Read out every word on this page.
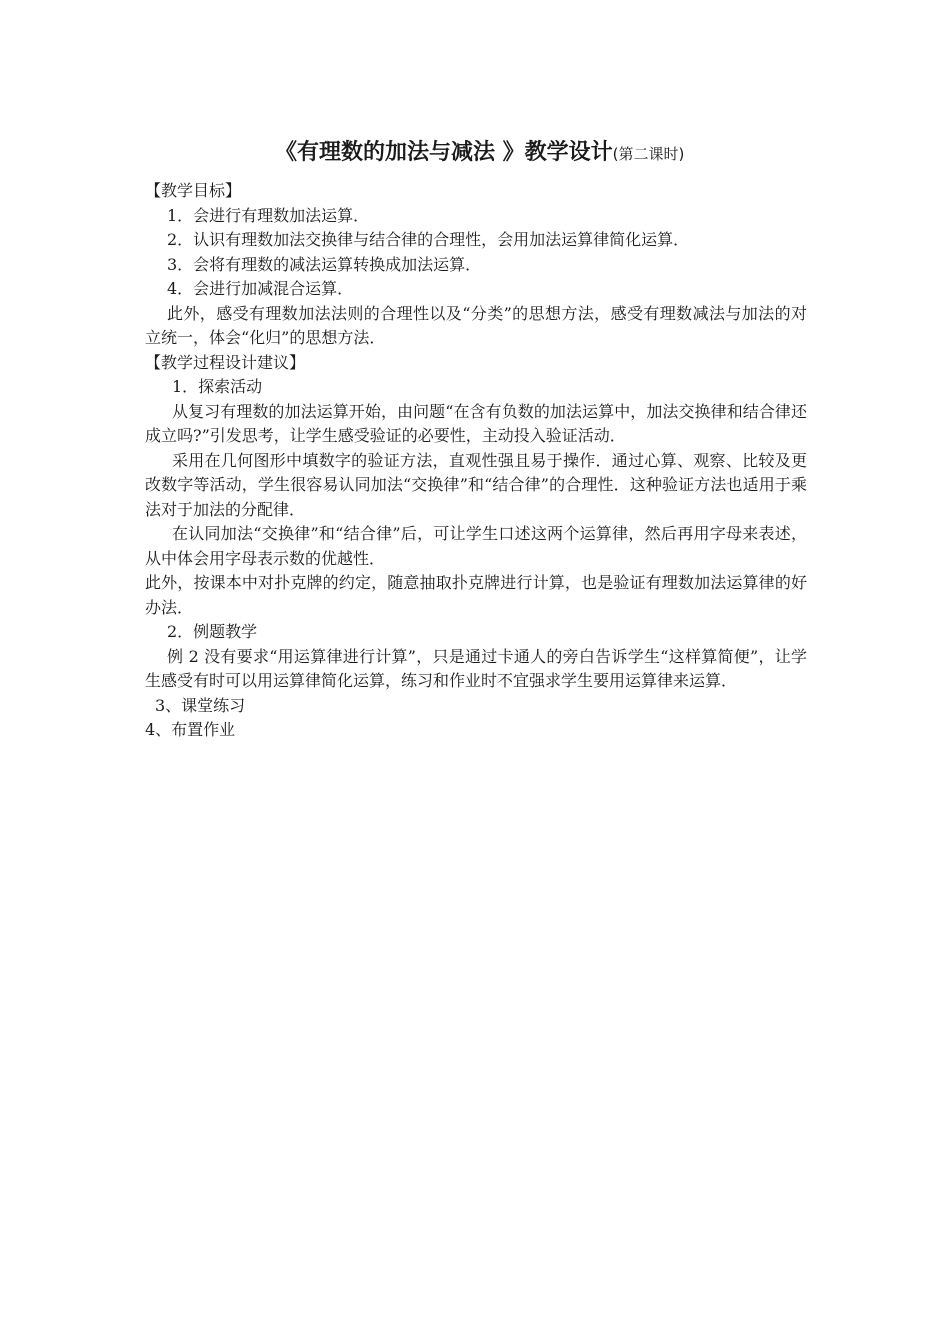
《有理数的加法与减法 》教学设计(第二课时)

【教学目标】

1．会进行有理数加法运算．

2．认识有理数加法交换律与结合律的合理性，会用加法运算律简化运算．

3．会将有理数的减法运算转换成加法运算．

4．会进行加减混合运算．

此外，感受有理数加法法则的合理性以及“分类”的思想方法，感受有理数减法与加法的对立统一，体会“化归”的思想方法．

【教学过程设计建议】

1．探索活动

从复习有理数的加法运算开始，由问题“在含有负数的加法运算中，加法交换律和结合律还成立吗?”引发思考，让学生感受验证的必要性，主动投入验证活动．

采用在几何图形中填数字的验证方法，直观性强且易于操作．通过心算、观察、比较及更改数字等活动，学生很容易认同加法“交换律”和“结合律”的合理性．这种验证方法也适用于乘法对于加法的分配律．

在认同加法“交换律”和“结合律”后，可让学生口述这两个运算律，然后再用字母来表述，从中体会用字母表示数的优越性．

此外，按课本中对扑克牌的约定，随意抽取扑克牌进行计算，也是验证有理数加法运算律的好办法．

2．例题教学

例 2 没有要求“用运算律进行计算”，只是通过卡通人的旁白告诉学生“这样算简便”，让学生感受有时可以用运算律简化运算，练习和作业时不宜强求学生要用运算律来运算．

3、课堂练习

4、布置作业
